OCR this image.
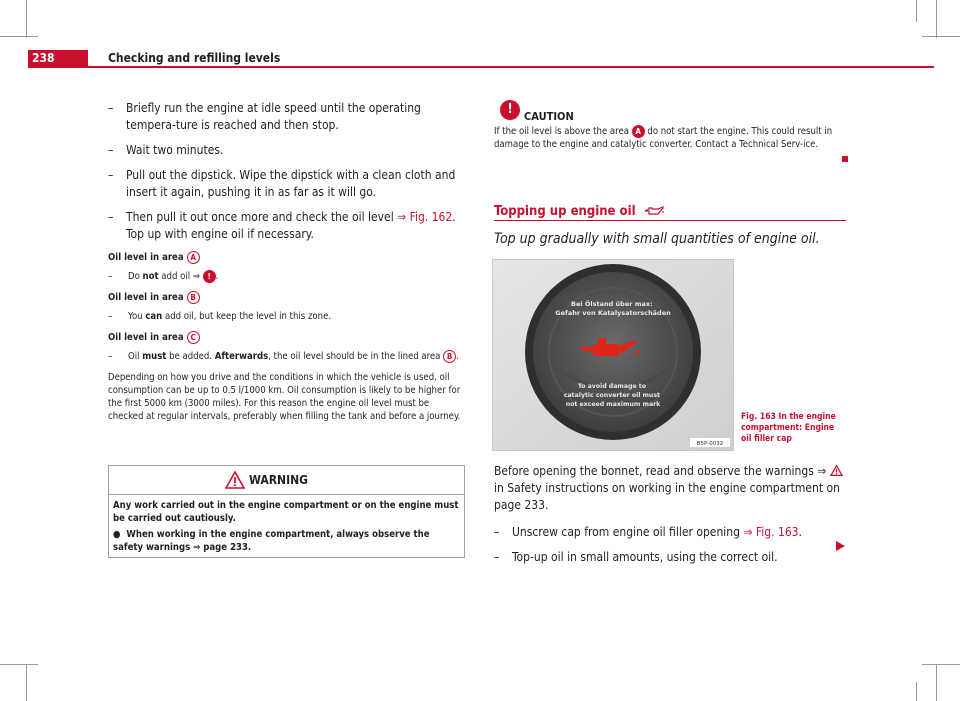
238	Checking and refilling levels
– Briefly run the engine at idle speed until the operating tempera-ture is reached and then stop.
– Wait two minutes.
– Pull out the dipstick. Wipe the dipstick with a clean cloth and insert it again, pushing it in as far as it will go.
– Then pull it out once more and check the oil level ⇒ Fig. 162. Top up with engine oil if necessary.
Oil level in area A
– Do not add oil ⇒ ! .
Oil level in area B
– You can add oil, but keep the level in this zone.
Oil level in area C
– Oil must be added. Afterwards, the oil level should be in the lined area B .
Depending on how you drive and the conditions in which the vehicle is used, oil consumption can be up to 0.5 l/1000 km. Oil consumption is likely to be higher for the first 5000 km (3000 miles). For this reason the engine oil level must be checked at regular intervals, preferably when filling the tank and before a journey.
WARNING
Any work carried out in the engine compartment or on the engine must be carried out cautiously.
● When working in the engine compartment, always observe the safety warnings ⇒ page 233.
!	CAUTION
If the oil level is above the area A do not start the engine. This could result in damage to the engine and catalytic converter. Contact a Technical Serv-ice.
Topping up engine oil
Top up gradually with small quantities of engine oil.
Bei Ölstand über max: Gefahr von Katalysatorschäden
To avoid damage to catalytic converter oil must not exceed maximum mark
B5P-0032
Fig. 163 In the engine compartment: Engine oil filler cap
Before opening the bonnet, read and observe the warnings ⇒  in Safety instructions on working in the engine compartment on page 233.
– Unscrew cap from engine oil filler opening ⇒ Fig. 163.
– Top-up oil in small amounts, using the correct oil.
